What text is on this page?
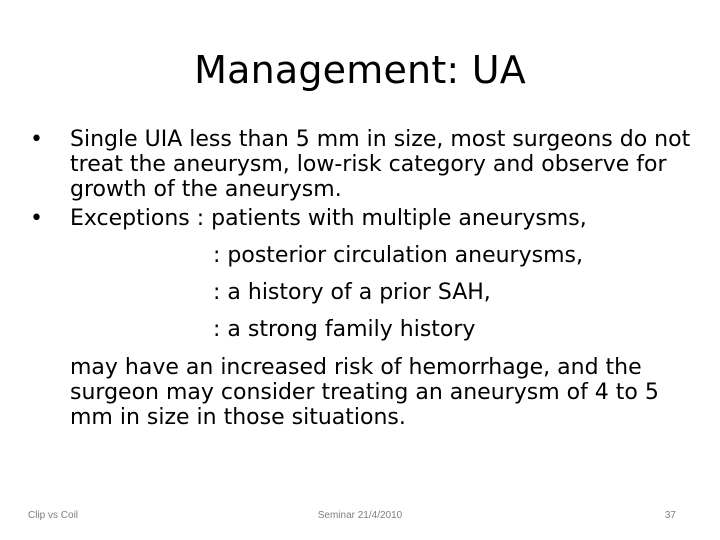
Management: UA
• Single UIA less than 5 mm in size, most surgeons do not treat the aneurysm, low-risk category and observe for growth of the aneurysm.
• Exceptions : patients with multiple aneurysms,
: posterior circulation aneurysms,
: a history of a prior SAH,
: a strong family history
may have an increased risk of hemorrhage, and the surgeon may consider treating an aneurysm of 4 to 5 mm in size in those situations.
Clip vs Coil	Seminar 21/4/2010	37
